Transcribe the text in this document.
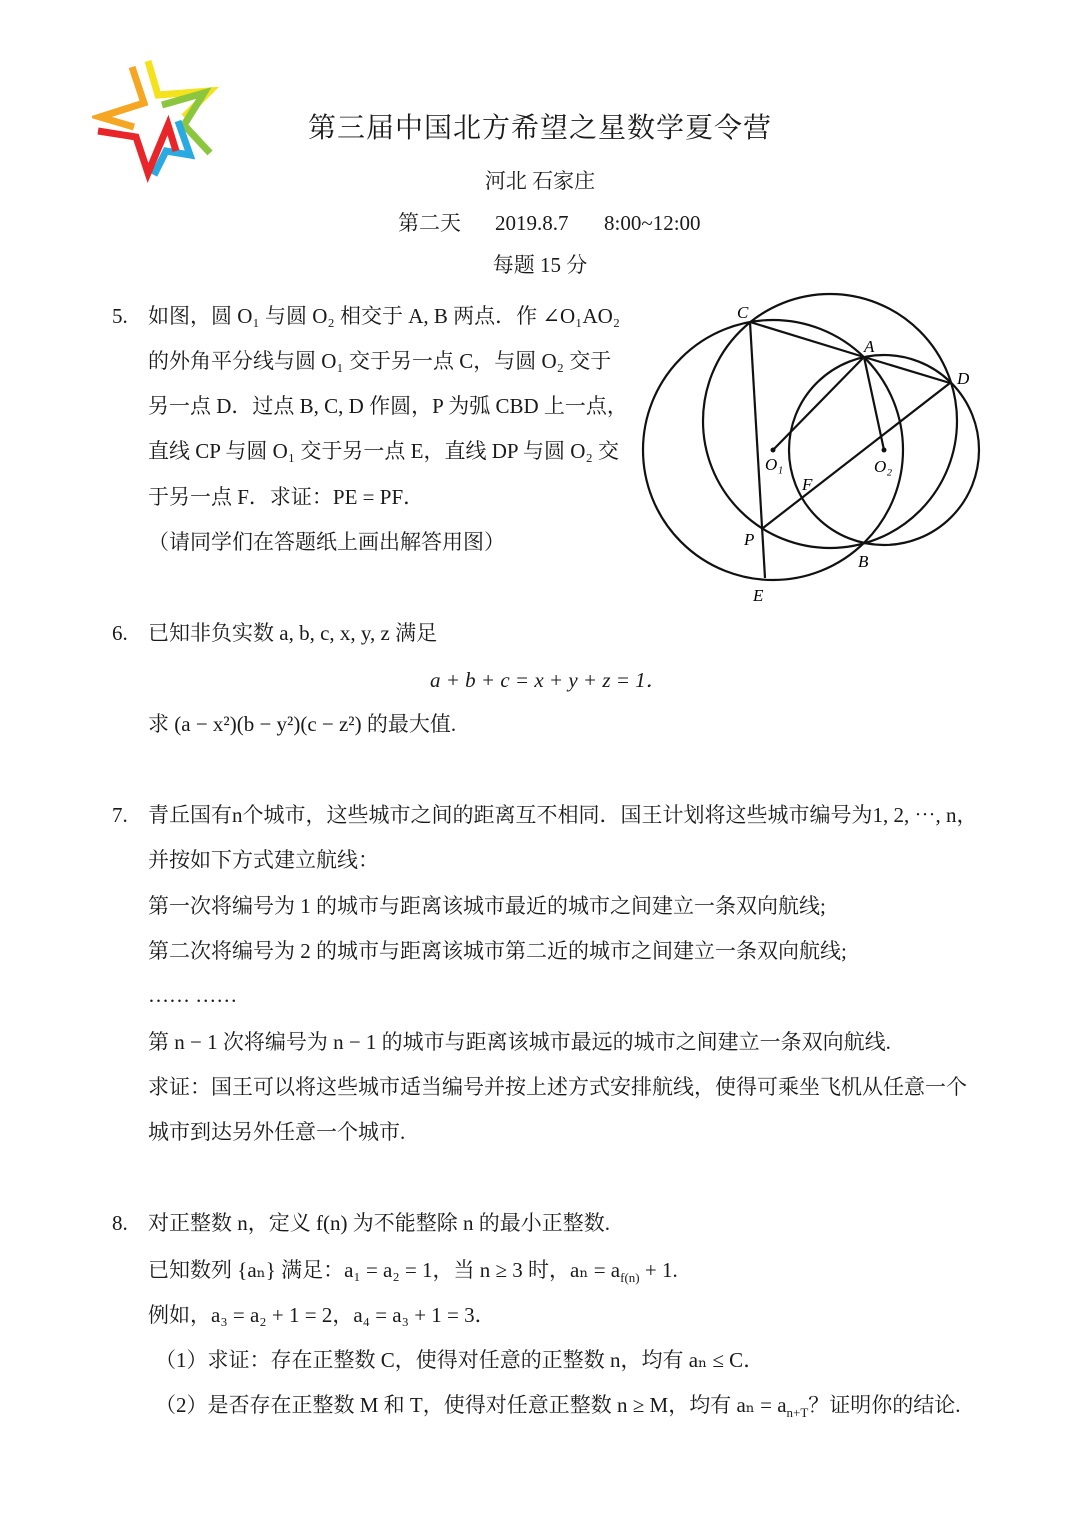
第三届中国北方希望之星数学夏令营
河北 石家庄
第二天 2019.8.7 8:00~12:00
每题 15 分
5. 如图，圆 O₁ 与圆 O₂ 相交于 A, B 两点．作 ∠O₁AO₂
的外角平分线与圆 O₁ 交于另一点 C，与圆 O₂ 交于
另一点 D．过点 B, C, D 作圆，P 为弧 CBD 上一点，
直线 CP 与圆 O₁ 交于另一点 E，直线 DP 与圆 O₂ 交
于另一点 F．求证：PE = PF．
（请同学们在答题纸上画出解答用图）
C
A
D
O₁	O₂
F
P
B
E
6. 已知非负实数 a, b, c, x, y, z 满足
a + b + c = x + y + z = 1．
求 (a − x²)(b − y²)(c − z²) 的最大值.
7. 青丘国有n个城市，这些城市之间的距离互不相同．国王计划将这些城市编号为1, 2, ⋯, n，
并按如下方式建立航线：
第一次将编号为 1 的城市与距离该城市最近的城市之间建立一条双向航线;
第二次将编号为 2 的城市与距离该城市第二近的城市之间建立一条双向航线;
…… ……
第 n − 1 次将编号为 n − 1 的城市与距离该城市最远的城市之间建立一条双向航线.
求证：国王可以将这些城市适当编号并按上述方式安排航线，使得可乘坐飞机从任意一个
城市到达另外任意一个城市.
8. 对正整数 n，定义 f(n) 为不能整除 n 的最小正整数.
已知数列 {aₙ} 满足：a₁ = a₂ = 1，当 n ≥ 3 时，$a_n = a_{f(n)} + 1$.
例如，a₃ = a₂ + 1 = 2，a₄ = a₃ + 1 = 3．
（1）求证：存在正整数 C，使得对任意的正整数 n，均有 aₙ ≤ C．
（2）是否存在正整数 M 和 T，使得对任意正整数 n ≥ M，均有 $a_n = a_{n+T}$？证明你的结论.
